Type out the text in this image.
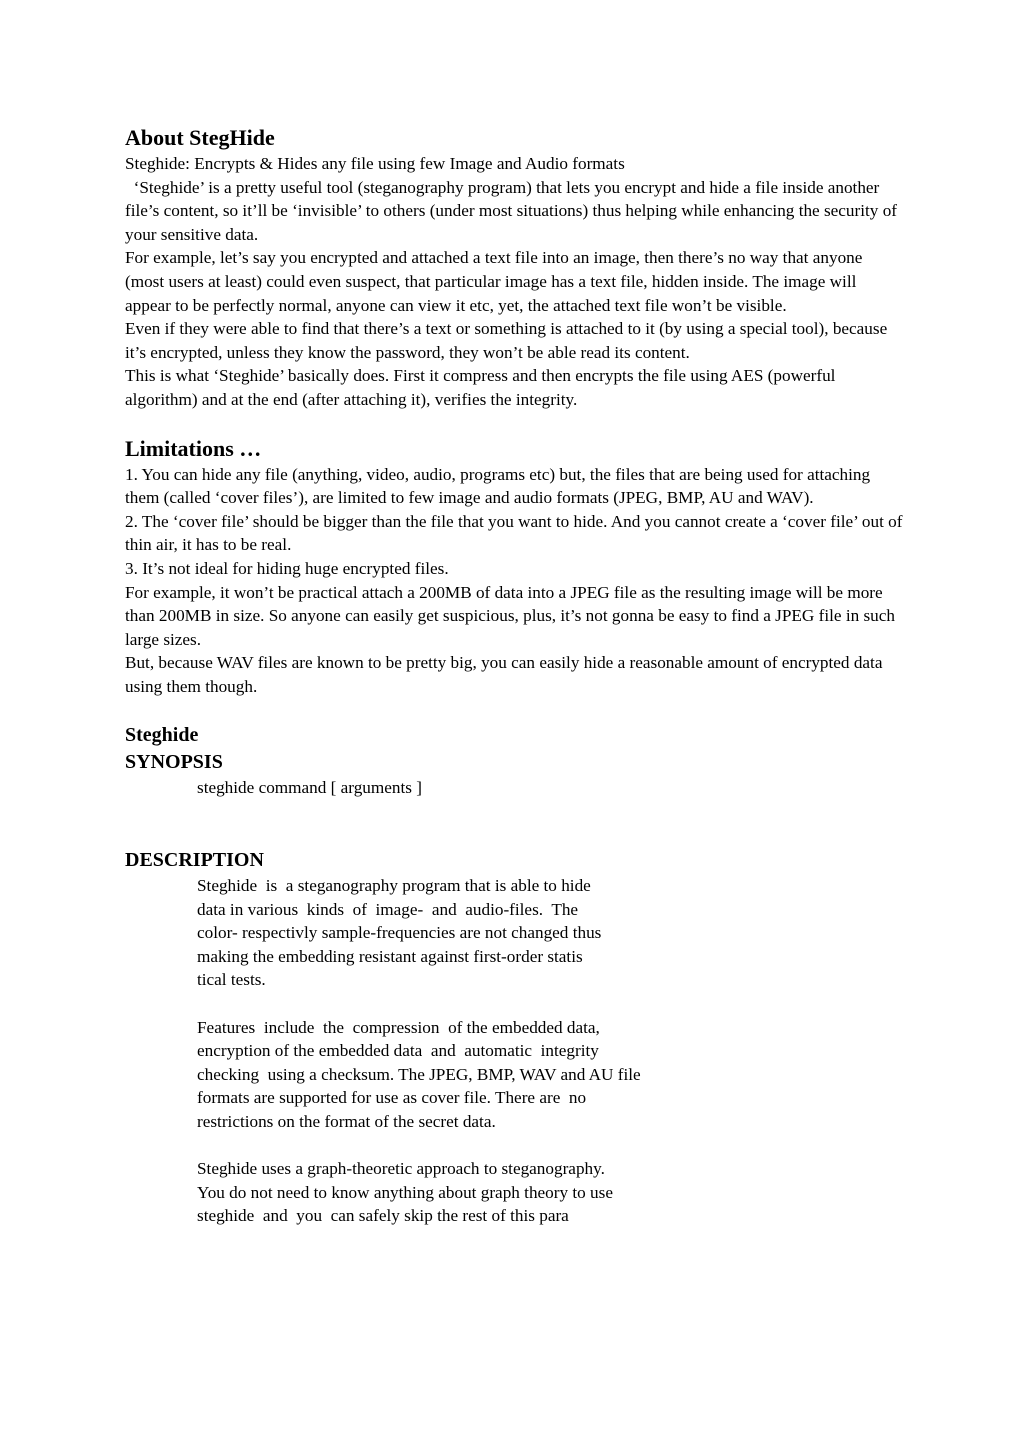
About StegHide

Steghide: Encrypts & Hides any file using few Image and Audio formats

‘Steghide’ is a pretty useful tool (steganography program) that lets you encrypt and hide a file inside another file’s content, so it’ll be ‘invisible’ to others (under most situations) thus helping while enhancing the security of your sensitive data.

For example, let’s say you encrypted and attached a text file into an image, then there’s no way that anyone (most users at least) could even suspect, that particular image has a text file, hidden inside. The image will appear to be perfectly normal, anyone can view it etc, yet, the attached text file won’t be visible.

Even if they were able to find that there’s a text or something is attached to it (by using a special tool), because it’s encrypted, unless they know the password, they won’t be able read its content.

This is what ‘Steghide’ basically does. First it compress and then encrypts the file using AES (powerful algorithm) and at the end (after attaching it), verifies the integrity.

Limitations …

1. You can hide any file (anything, video, audio, programs etc) but, the files that are being used for attaching them (called ‘cover files’), are limited to few image and audio formats (JPEG, BMP, AU and WAV).

2. The ‘cover file’ should be bigger than the file that you want to hide. And you cannot create a ‘cover file’ out of thin air, it has to be real.

3. It’s not ideal for hiding huge encrypted files.

For example, it won’t be practical attach a 200MB of data into a JPEG file as the resulting image will be more than 200MB in size. So anyone can easily get suspicious, plus, it’s not gonna be easy to find a JPEG file in such large sizes.

But, because WAV files are known to be pretty big, you can easily hide a reasonable amount of encrypted data using them though.

Steghide
SYNOPSIS

steghide command [ arguments ]

DESCRIPTION

Steghide  is  a steganography program that is able to hide

data in various  kinds  of  image-  and  audio-files.  The

color- respectivly sample-frequencies are not changed thus

making the embedding resistant against first-order statis

tical tests.

Features  include  the  compression  of the embedded data,

encryption of the embedded data  and  automatic  integrity

checking  using a checksum. The JPEG, BMP, WAV and AU file

formats are supported for use as cover file. There are  no

restrictions on the format of the secret data.

Steghide uses a graph-theoretic approach to steganography.

You do not need to know anything about graph theory to use

steghide  and  you  can safely skip the rest of this para
